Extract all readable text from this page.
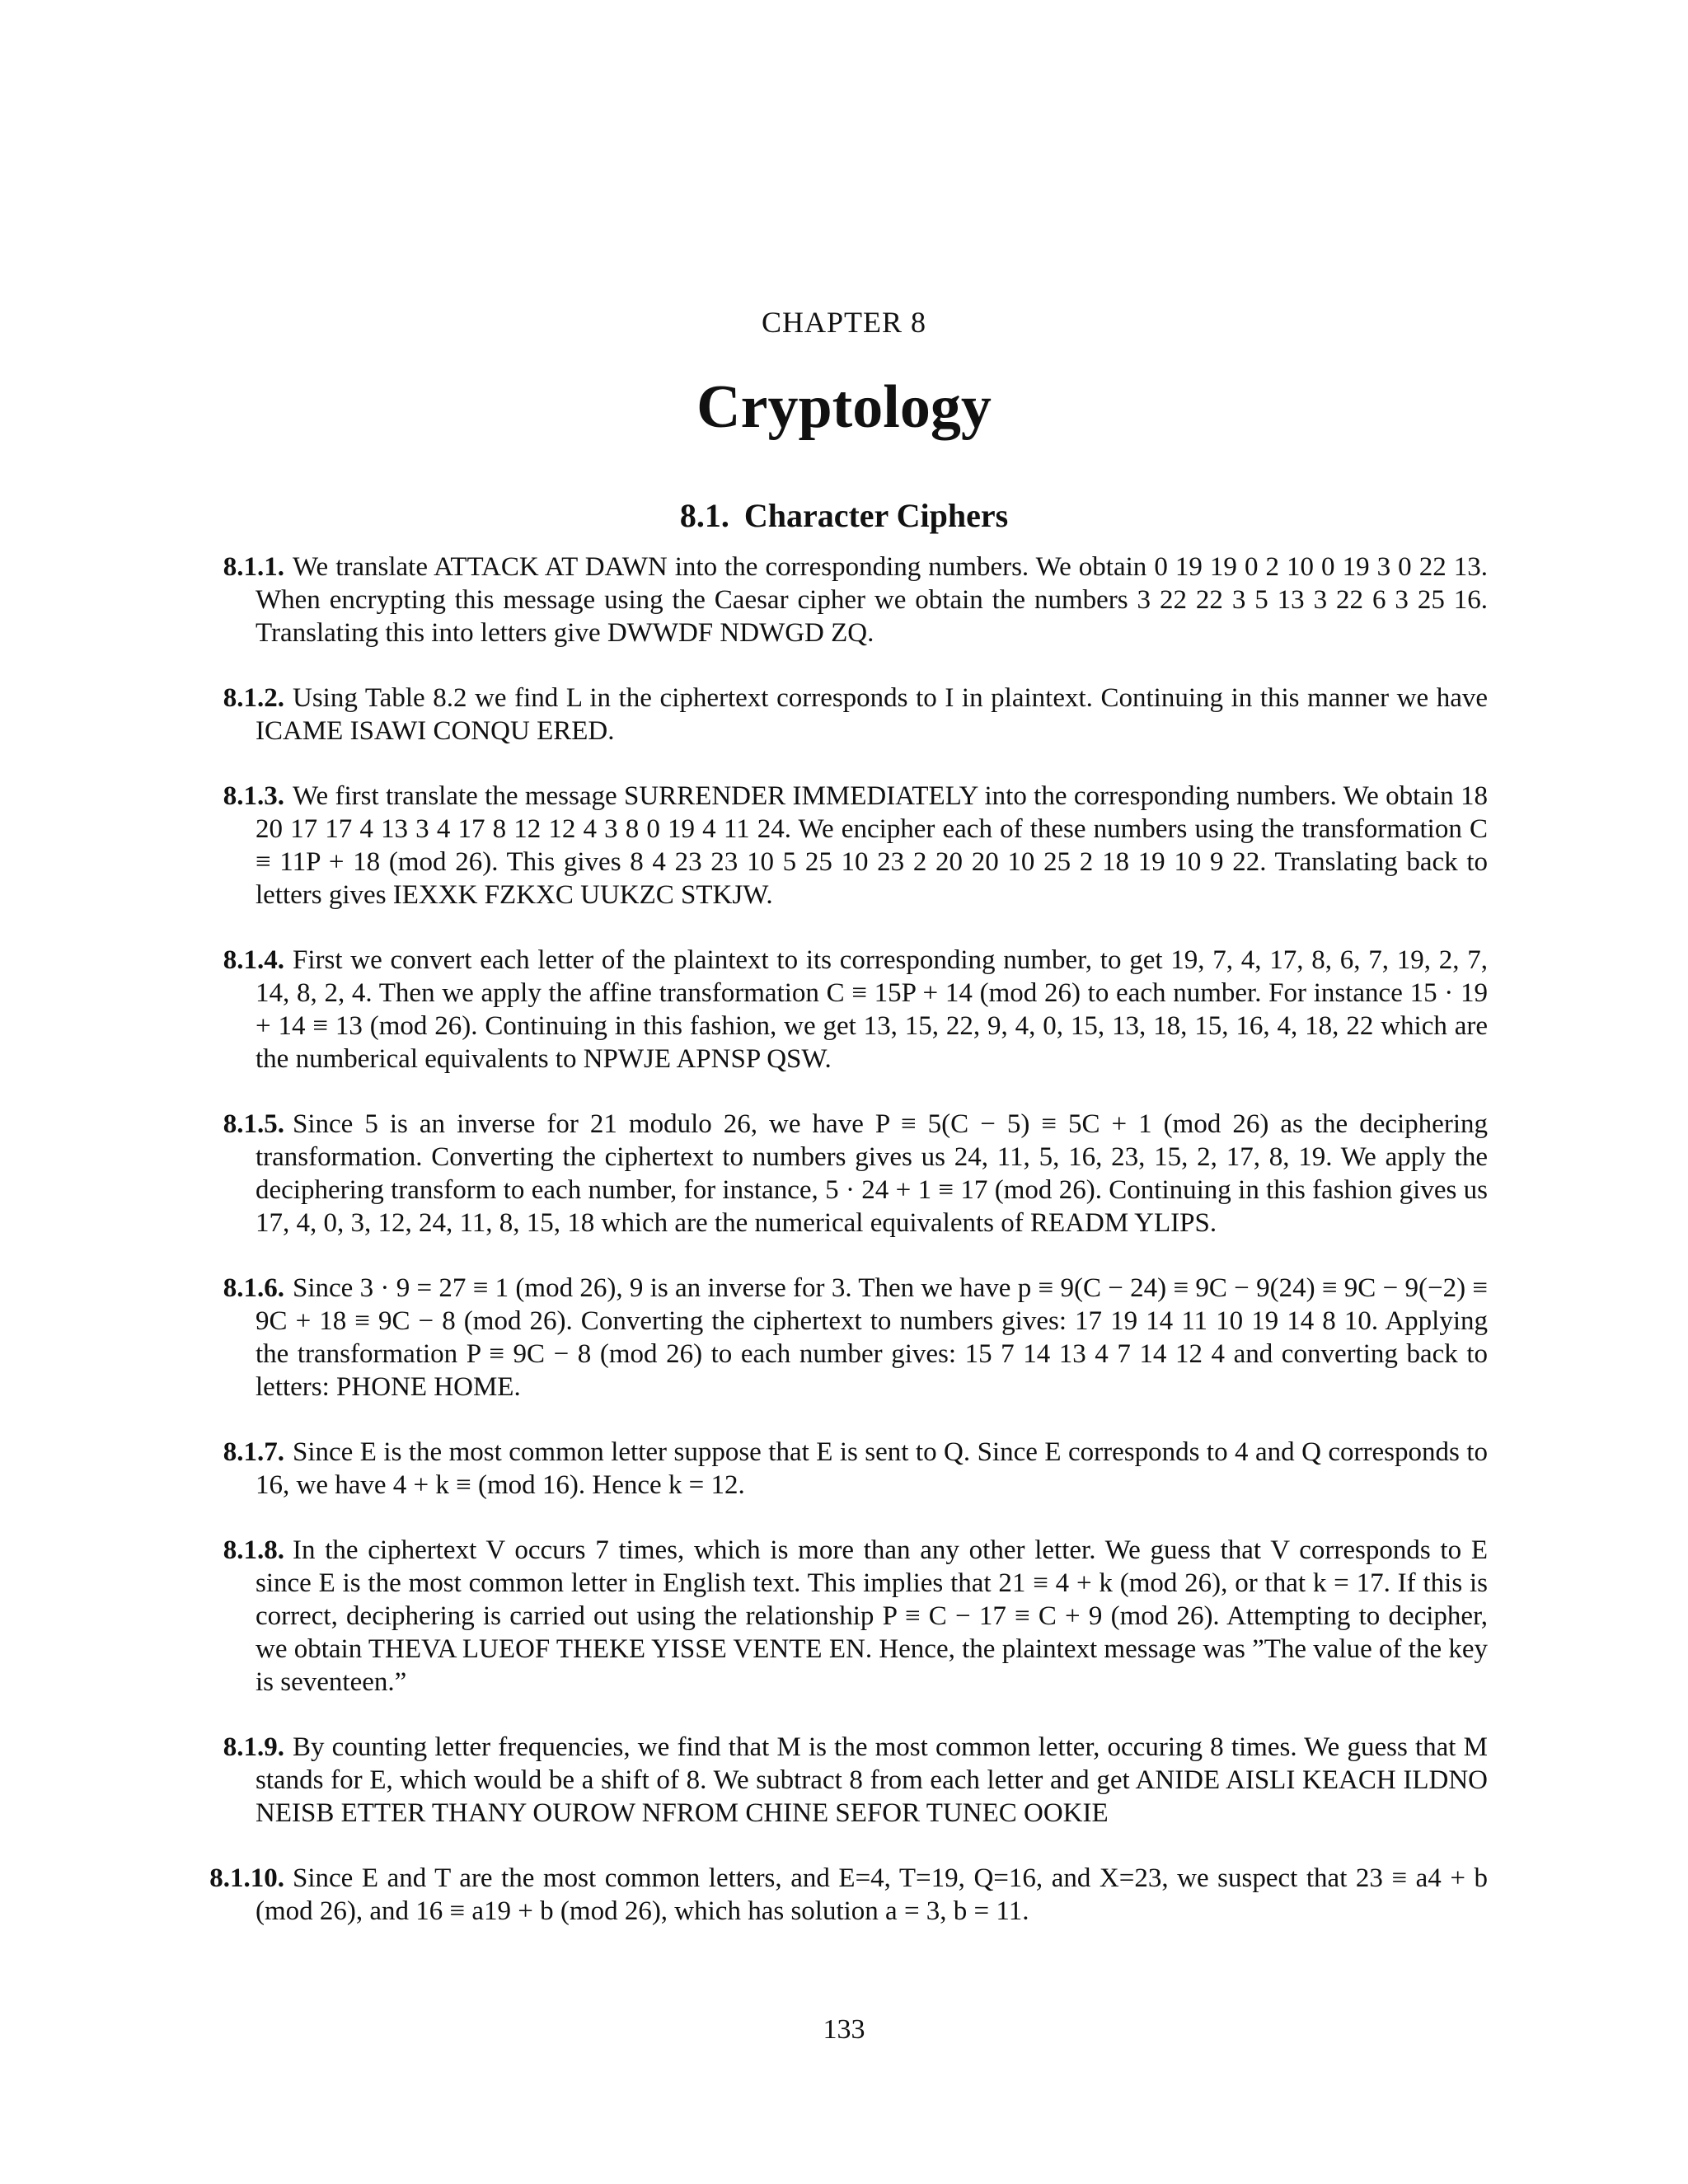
CHAPTER 8
Cryptology
8.1. Character Ciphers
8.1.1. We translate ATTACK AT DAWN into the corresponding numbers. We obtain 0 19 19 0 2 10 0 19 3 0 22 13. When encrypting this message using the Caesar cipher we obtain the numbers 3 22 22 3 5 13 3 22 6 3 25 16. Translating this into letters give DWWDF NDWGD ZQ.
8.1.2. Using Table 8.2 we find L in the ciphertext corresponds to I in plaintext. Continuing in this manner we have ICAME ISAWI CONQU ERED.
8.1.3. We first translate the message SURRENDER IMMEDIATELY into the corresponding numbers. We obtain 18 20 17 17 4 13 3 4 17 8 12 12 4 3 8 0 19 4 11 24. We encipher each of these numbers using the transformation C ≡ 11P + 18 (mod 26). This gives 8 4 23 23 10 5 25 10 23 2 20 20 10 25 2 18 19 10 9 22. Translating back to letters gives IEXXK FZKXC UUKZC STKJW.
8.1.4. First we convert each letter of the plaintext to its corresponding number, to get 19, 7, 4, 17, 8, 6, 7, 19, 2, 7, 14, 8, 2, 4. Then we apply the affine transformation C ≡ 15P + 14 (mod 26) to each number. For instance 15 · 19 + 14 ≡ 13 (mod 26). Continuing in this fashion, we get 13, 15, 22, 9, 4, 0, 15, 13, 18, 15, 16, 4, 18, 22 which are the numberical equivalents to NPWJE APNSP QSW.
8.1.5. Since 5 is an inverse for 21 modulo 26, we have P ≡ 5(C − 5) ≡ 5C + 1 (mod 26) as the deciphering transformation. Converting the ciphertext to numbers gives us 24, 11, 5, 16, 23, 15, 2, 17, 8, 19. We apply the deciphering transform to each number, for instance, 5 · 24 + 1 ≡ 17 (mod 26). Continuing in this fashion gives us 17, 4, 0, 3, 12, 24, 11, 8, 15, 18 which are the numerical equivalents of READM YLIPS.
8.1.6. Since 3 · 9 = 27 ≡ 1 (mod 26), 9 is an inverse for 3. Then we have p ≡ 9(C − 24) ≡ 9C − 9(24) ≡ 9C − 9(−2) ≡ 9C + 18 ≡ 9C − 8 (mod 26). Converting the ciphertext to numbers gives: 17 19 14 11 10 19 14 8 10. Applying the transformation P ≡ 9C − 8 (mod 26) to each number gives: 15 7 14 13 4 7 14 12 4 and converting back to letters: PHONE HOME.
8.1.7. Since E is the most common letter suppose that E is sent to Q. Since E corresponds to 4 and Q corresponds to 16, we have 4 + k ≡ (mod 16). Hence k = 12.
8.1.8. In the ciphertext V occurs 7 times, which is more than any other letter. We guess that V corresponds to E since E is the most common letter in English text. This implies that 21 ≡ 4 + k (mod 26), or that k = 17. If this is correct, deciphering is carried out using the relationship P ≡ C − 17 ≡ C + 9 (mod 26). Attempting to decipher, we obtain THEVA LUEOF THEKE YISSE VENTE EN. Hence, the plaintext message was ”The value of the key is seventeen.”
8.1.9. By counting letter frequencies, we find that M is the most common letter, occuring 8 times. We guess that M stands for E, which would be a shift of 8. We subtract 8 from each letter and get ANIDE AISLI KEACH ILDNO NEISB ETTER THANY OUROW NFROM CHINE SEFOR TUNEC OOKIE
8.1.10. Since E and T are the most common letters, and E=4, T=19, Q=16, and X=23, we suspect that 23 ≡ a4 + b (mod 26), and 16 ≡ a19 + b (mod 26), which has solution a = 3, b = 11.
133
